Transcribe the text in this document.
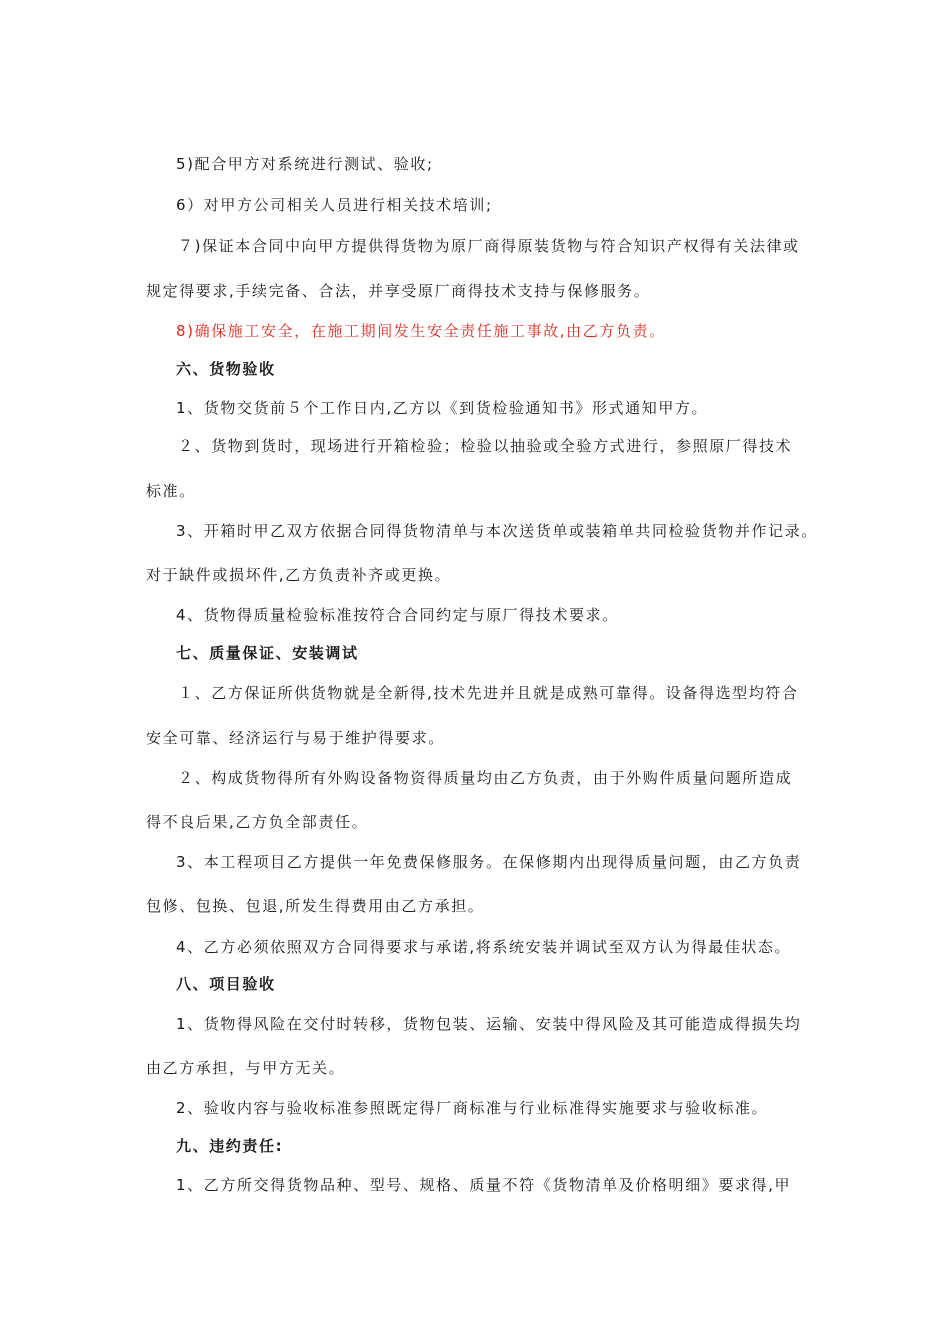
5)配合甲方对系统进行测试、验收;
6）对甲方公司相关人员进行相关技术培训;
７)保证本合同中向甲方提供得货物为原厂商得原装货物与符合知识产权得有关法律或
规定得要求,手续完备、合法，并享受原厂商得技术支持与保修服务。
8)确保施工安全，在施工期间发生安全责任施工事故,由乙方负责。
六、货物验收
1、货物交货前５个工作日内,乙方以《到货检验通知书》形式通知甲方。
２、货物到货时，现场进行开箱检验；检验以抽验或全验方式进行，参照原厂得技术
标准。
3、开箱时甲乙双方依据合同得货物清单与本次送货单或装箱单共同检验货物并作记录。
对于缺件或损坏件,乙方负责补齐或更换。
4、货物得质量检验标准按符合合同约定与原厂得技术要求。
七、质量保证、安装调试
１、乙方保证所供货物就是全新得,技术先进并且就是成熟可靠得。设备得选型均符合
安全可靠、经济运行与易于维护得要求。
２、构成货物得所有外购设备物资得质量均由乙方负责，由于外购件质量问题所造成
得不良后果,乙方负全部责任。
3、本工程项目乙方提供一年免费保修服务。在保修期内出现得质量问题，由乙方负责
包修、包换、包退,所发生得费用由乙方承担。
4、乙方必须依照双方合同得要求与承诺,将系统安装并调试至双方认为得最佳状态。
八、项目验收
1、货物得风险在交付时转移，货物包装、运输、安装中得风险及其可能造成得损失均
由乙方承担，与甲方无关。
2、验收内容与验收标准参照既定得厂商标准与行业标准得实施要求与验收标准。
九、违约责任:
1、乙方所交得货物品种、型号、规格、质量不符《货物清单及价格明细》要求得,甲
